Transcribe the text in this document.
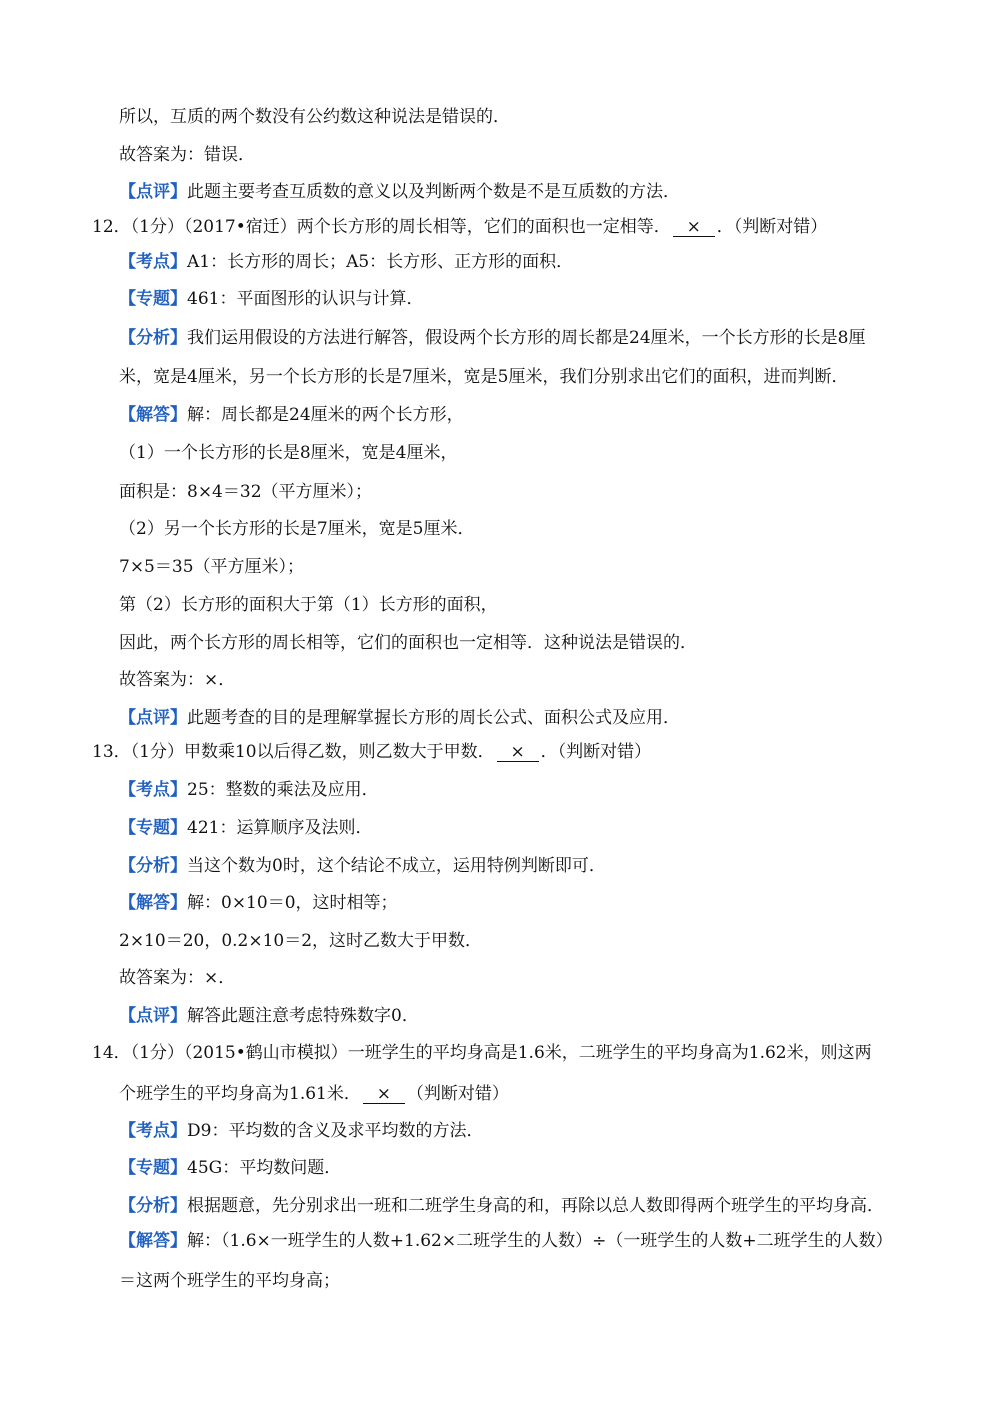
所以，互质的两个数没有公约数这种说法是错误的．
故答案为：错误．
【点评】此题主要考查互质数的意义以及判断两个数是不是互质数的方法．
12．（1分）（2017•宿迁）两个长方形的周长相等，它们的面积也一定相等． × ．（判断对错）
【考点】A1：长方形的周长；A5：长方形、正方形的面积．
【专题】461：平面图形的认识与计算．
【分析】我们运用假设的方法进行解答，假设两个长方形的周长都是24厘米，一个长方形的长是8厘
米，宽是4厘米，另一个长方形的长是7厘米，宽是5厘米，我们分别求出它们的面积，进而判断．
【解答】解：周长都是24厘米的两个长方形，
（1）一个长方形的长是8厘米，宽是4厘米，
面积是：8×4＝32（平方厘米）；
（2）另一个长方形的长是7厘米，宽是5厘米．
7×5＝35（平方厘米）；
第（2）长方形的面积大于第（1）长方形的面积，
因此，两个长方形的周长相等，它们的面积也一定相等．这种说法是错误的．
故答案为：×．
【点评】此题考查的目的是理解掌握长方形的周长公式、面积公式及应用．
13．（1分）甲数乘10以后得乙数，则乙数大于甲数． × ．（判断对错）
【考点】25：整数的乘法及应用．
【专题】421：运算顺序及法则．
【分析】当这个数为0时，这个结论不成立，运用特例判断即可．
【解答】解：0×10＝0，这时相等；
2×10＝20，0.2×10＝2，这时乙数大于甲数．
故答案为：×．
【点评】解答此题注意考虑特殊数字0．
14．（1分）（2015•鹤山市模拟）一班学生的平均身高是1.6米，二班学生的平均身高为1.62米，则这两
个班学生的平均身高为1.61米． × （判断对错）
【考点】D9：平均数的含义及求平均数的方法．
【专题】45G：平均数问题．
【分析】根据题意，先分别求出一班和二班学生身高的和，再除以总人数即得两个班学生的平均身高．
【解答】解：（1.6×一班学生的人数+1.62×二班学生的人数）÷（一班学生的人数+二班学生的人数）
＝这两个班学生的平均身高；
